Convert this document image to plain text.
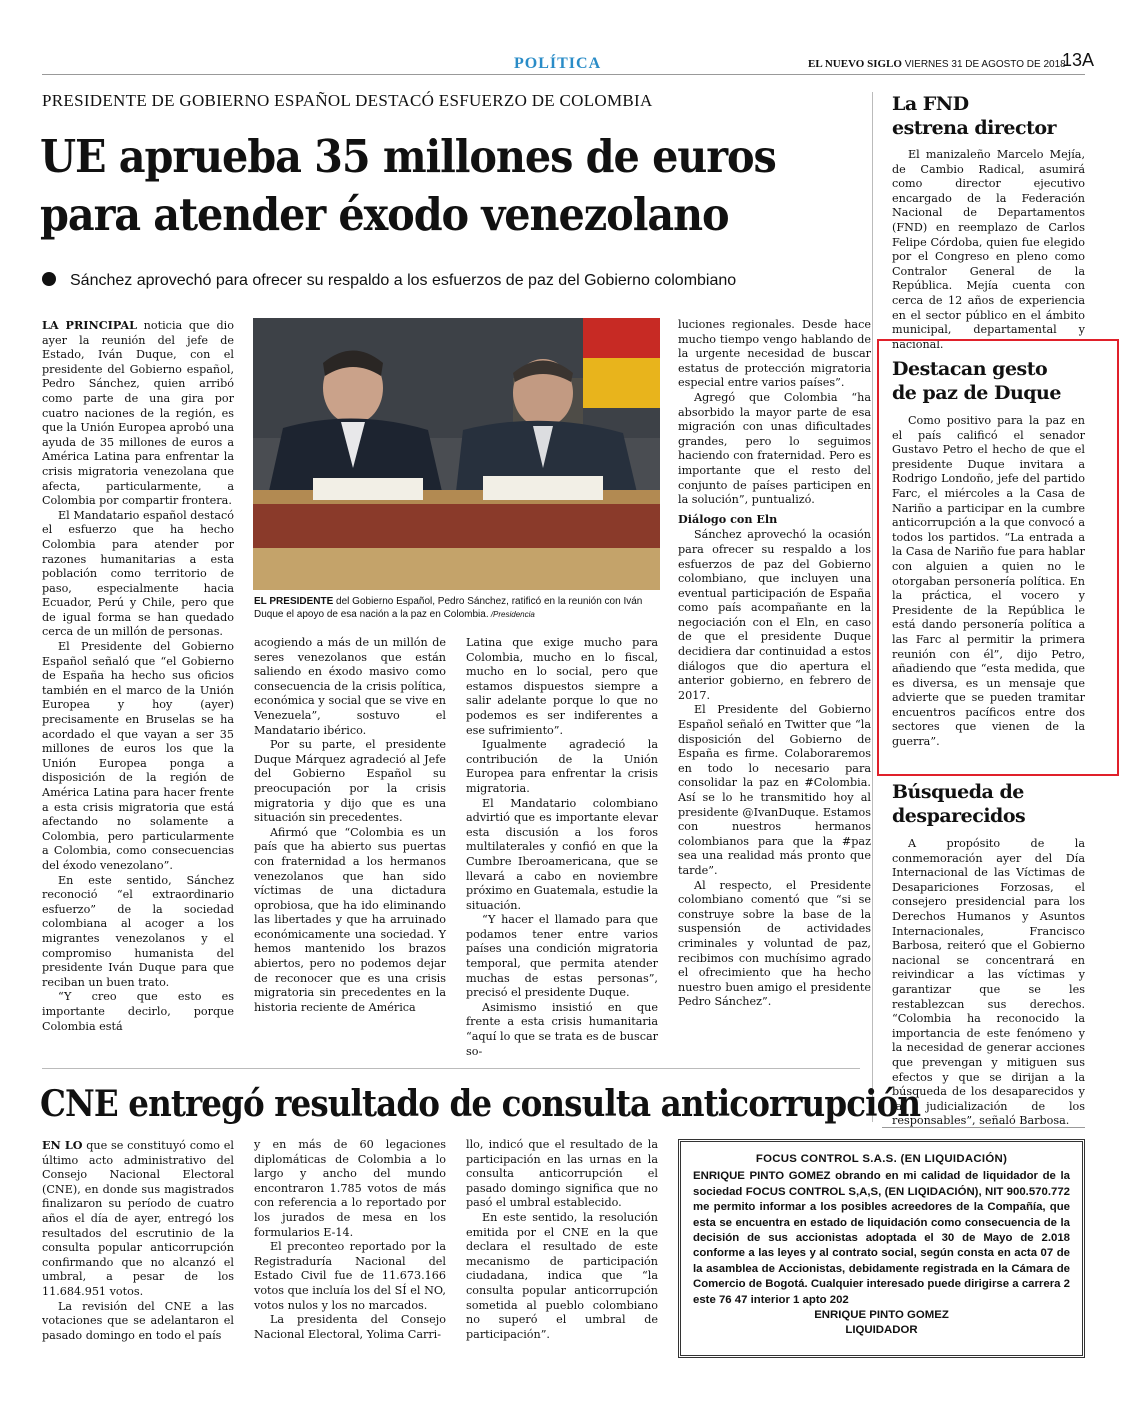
POLÍTICA	EL NUEVO SIGLO VIERNES 31 DE AGOSTO DE 2018
13A
PRESIDENTE DE GOBIERNO ESPAÑOL DESTACÓ ESFUERZO DE COLOMBIA
UE aprueba 35 millones de euros
para atender éxodo venezolano
Sánchez aprovechó para ofrecer su respaldo a los esfuerzos de paz del Gobierno colombiano

LA PRINCIPAL noticia que dio ayer la reunión del jefe de Estado, Iván Duque, con el presidente del Gobierno español, Pedro Sánchez, quien arribó como parte de una gira por cuatro naciones de la región, es que la Unión Europea aprobó una ayuda de 35 millones de euros a América Latina para enfrentar la crisis migratoria venezolana que afecta, particularmente, a Colombia por compartir frontera.

El Mandatario español destacó el esfuerzo que ha hecho Colombia para atender por razones humanitarias a esta población como territorio de paso, especialmente hacia Ecuador, Perú y Chile, pero que de igual forma se han quedado cerca de un millón de personas.

El Presidente del Gobierno Español señaló que “el Gobierno de España ha hecho sus oficios también en el marco de la Unión Europea y hoy (ayer) precisamente en Bruselas se ha acordado el que vayan a ser 35 millones de euros los que la Unión Europea ponga a disposición de la región de América Latina para hacer frente a esta crisis migratoria que está afectando no solamente a Colombia, pero particularmente a Colombia, como consecuencias del éxodo venezolano”.

En este sentido, Sánchez reconoció “el extraordinario esfuerzo” de la sociedad colombiana al acoger a los migrantes venezolanos y el compromiso humanista del presidente Iván Duque para que reciban un buen trato.

“Y creo que esto es importante decirlo, porque Colombia está

EL PRESIDENTE del Gobierno Español, Pedro Sánchez, ratificó en la reunión con Iván Duque el apoyo de esa nación a la paz en Colombia. /Presidencia

acogiendo a más de un millón de seres venezolanos que están saliendo en éxodo masivo como consecuencia de la crisis política, económica y social que se vive en Venezuela”, sostuvo el Mandatario ibérico.

Por su parte, el presidente Duque Márquez agradeció al Jefe del Gobierno Español su preocupación por la crisis migratoria y dijo que es una situación sin precedentes.

Afirmó que “Colombia es un país que ha abierto sus puertas con fraternidad a los hermanos venezolanos que han sido víctimas de una dictadura oprobiosa, que ha ido eliminando las libertades y que ha arruinado económicamente una sociedad. Y hemos mantenido los brazos abiertos, pero no podemos dejar de reconocer que es una crisis migratoria sin precedentes en la historia reciente de América

Latina que exige mucho para Colombia, mucho en lo fiscal, mucho en lo social, pero que estamos dispuestos siempre a salir adelante porque lo que no podemos es ser indiferentes a ese sufrimiento”.

Igualmente agradeció la contribución de la Unión Europea para enfrentar la crisis migratoria.

El Mandatario colombiano advirtió que es importante elevar esta discusión a los foros multilaterales y confió en que la Cumbre Iberoamericana, que se llevará a cabo en noviembre próximo en Guatemala, estudie la situación.

“Y hacer el llamado para que podamos tener entre varios países una condición migratoria temporal, que permita atender muchas de estas personas”, precisó el presidente Duque.

Asimismo insistió en que frente a esta crisis humanitaria “aquí lo que se trata es de buscar so-

luciones regionales. Desde hace mucho tiempo vengo hablando de la urgente necesidad de buscar estatus de protección migratoria especial entre varios países”.

Agregó que Colombia “ha absorbido la mayor parte de esa migración con unas dificultades grandes, pero lo seguimos haciendo con fraternidad. Pero es importante que el resto del conjunto de países participen en la solución”, puntualizó.

Diálogo con Eln

Sánchez aprovechó la ocasión para ofrecer su respaldo a los esfuerzos de paz del Gobierno colombiano, que incluyen una eventual participación de España como país acompañante en la negociación con el Eln, en caso de que el presidente Duque decidiera dar continuidad a estos diálogos que dio apertura el anterior gobierno, en febrero de 2017.

El Presidente del Gobierno Español señaló en Twitter que “la disposición del Gobierno de España es firme. Colaboraremos en todo lo necesario para consolidar la paz en #Colombia. Así se lo he transmitido hoy al presidente @IvanDuque. Estamos con nuestros hermanos colombianos para que la #paz sea una realidad más pronto que tarde”.

Al respecto, el Presidente colombiano comentó que “si se construye sobre la base de la suspensión de actividades criminales y voluntad de paz, recibimos con muchísimo agrado el ofrecimiento que ha hecho nuestro buen amigo el presidente Pedro Sánchez”.

La FND
estrena director

El manizaleño Marcelo Mejía, de Cambio Radical, asumirá como director ejecutivo encargado de la Federación Nacional de Departamentos (FND) en reemplazo de Carlos Felipe Córdoba, quien fue elegido por el Congreso en pleno como Contralor General de la República. Mejía cuenta con cerca de 12 años de experiencia en el sector público en el ámbito municipal, departamental y nacional.

Destacan gesto
de paz de Duque

Como positivo para la paz en el país calificó el senador Gustavo Petro el hecho de que el presidente Duque invitara a Rodrigo Londoño, jefe del partido Farc, el miércoles a la Casa de Nariño a participar en la cumbre anticorrupción a la que convocó a todos los partidos. “La entrada a la Casa de Nariño fue para hablar con alguien a quien no le otorgaban personería política. En la práctica, el vocero y Presidente de la República le está dando personería política a las Farc al permitir la primera reunión con él”, dijo Petro, añadiendo que “esta medida, que es diversa, es un mensaje que advierte que se pueden tramitar encuentros pacíficos entre dos sectores que vienen de la guerra”.

Búsqueda de
desparecidos

A propósito de la conmemoración ayer del Día Internacional de las Víctimas de Desapariciones Forzosas, el consejero presidencial para los Derechos Humanos y Asuntos Internacionales, Francisco Barbosa, reiteró que el Gobierno nacional se concentrará en reivindicar a las víctimas y garantizar que se les restablezcan sus derechos. “Colombia ha reconocido la importancia de este fenómeno y la necesidad de generar acciones que prevengan y mitiguen sus efectos y que se dirijan a la búsqueda de los desaparecidos y la judicialización de los responsables”, señaló Barbosa.

CNE entregó resultado de consulta anticorrupción

EN LO que se constituyó como el último acto administrativo del Consejo Nacional Electoral (CNE), en donde sus magistrados finalizaron su período de cuatro años el día de ayer, entregó los resultados del escrutinio de la consulta popular anticorrupción confirmando que no alcanzó el umbral, a pesar de los 11.684.951 votos.

La revisión del CNE a las votaciones que se adelantaron el pasado domingo en todo el país

y en más de 60 legaciones diplomáticas de Colombia a lo largo y ancho del mundo encontraron 1.785 votos de más con referencia a lo reportado por los jurados de mesa en los formularios E-14.

El preconteo reportado por la Registraduría Nacional del Estado Civil fue de 11.673.166 votos que incluía los del SÍ el NO, votos nulos y los no marcados.

La presidenta del Consejo Nacional Electoral, Yolima Carri-

llo, indicó que el resultado de la participación en las urnas en la consulta anticorrupción el pasado domingo significa que no pasó el umbral establecido.

En este sentido, la resolución emitida por el CNE en la que declara el resultado de este mecanismo de participación ciudadana, indica que “la consulta popular anticorrupción sometida al pueblo colombiano no superó el umbral de participación”.

FOCUS CONTROL S.A.S. (EN LIQUIDACIÓN)
ENRIQUE PINTO GOMEZ obrando en mi calidad de liquidador de la sociedad FOCUS CONTROL S,A,S, (EN LIQIDACIÓN), NIT 900.570.772 me permito informar a los posibles acreedores de la Compañía, que esta se encuentra en estado de liquidación como consecuencia de la decisión de sus accionistas adoptada el 30 de Mayo de 2.018 conforme a las leyes y al contrato social, según consta en acta 07 de la asamblea de Accionistas, debidamente registrada en la Cámara de Comercio de Bogotá. Cualquier interesado puede dirigirse a carrera 2 este 76 47 interior 1 apto 202
ENRIQUE PINTO GOMEZ
LIQUIDADOR
